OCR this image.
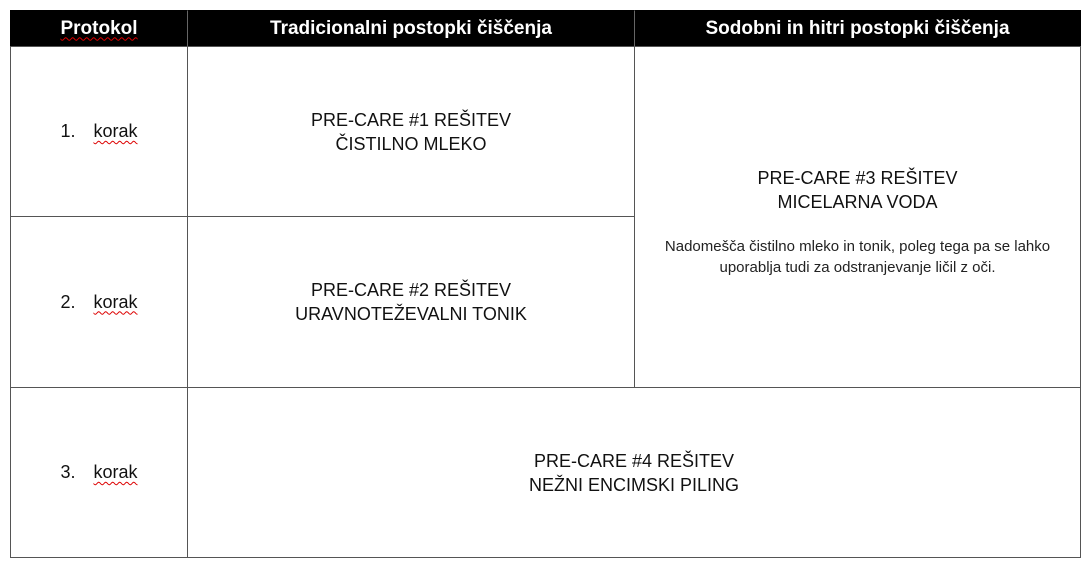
Protokol	Tradicionalni postopki čiščenja	Sodobni in hitri postopki čiščenja
1. korak
2. korak
3. korak
PRE-CARE #1 REŠITEV
ČISTILNO MLEKO
PRE-CARE #2 REŠITEV
URAVNOTEŽEVALNI TONIK
PRE-CARE #3 REŠITEV
MICELARNA VODA
Nadomešča čistilno mleko in tonik, poleg tega pa se lahko uporablja tudi za odstranjevanje ličil z oči.
PRE-CARE #4 REŠITEV
NEŽNI ENCIMSKI PILING
